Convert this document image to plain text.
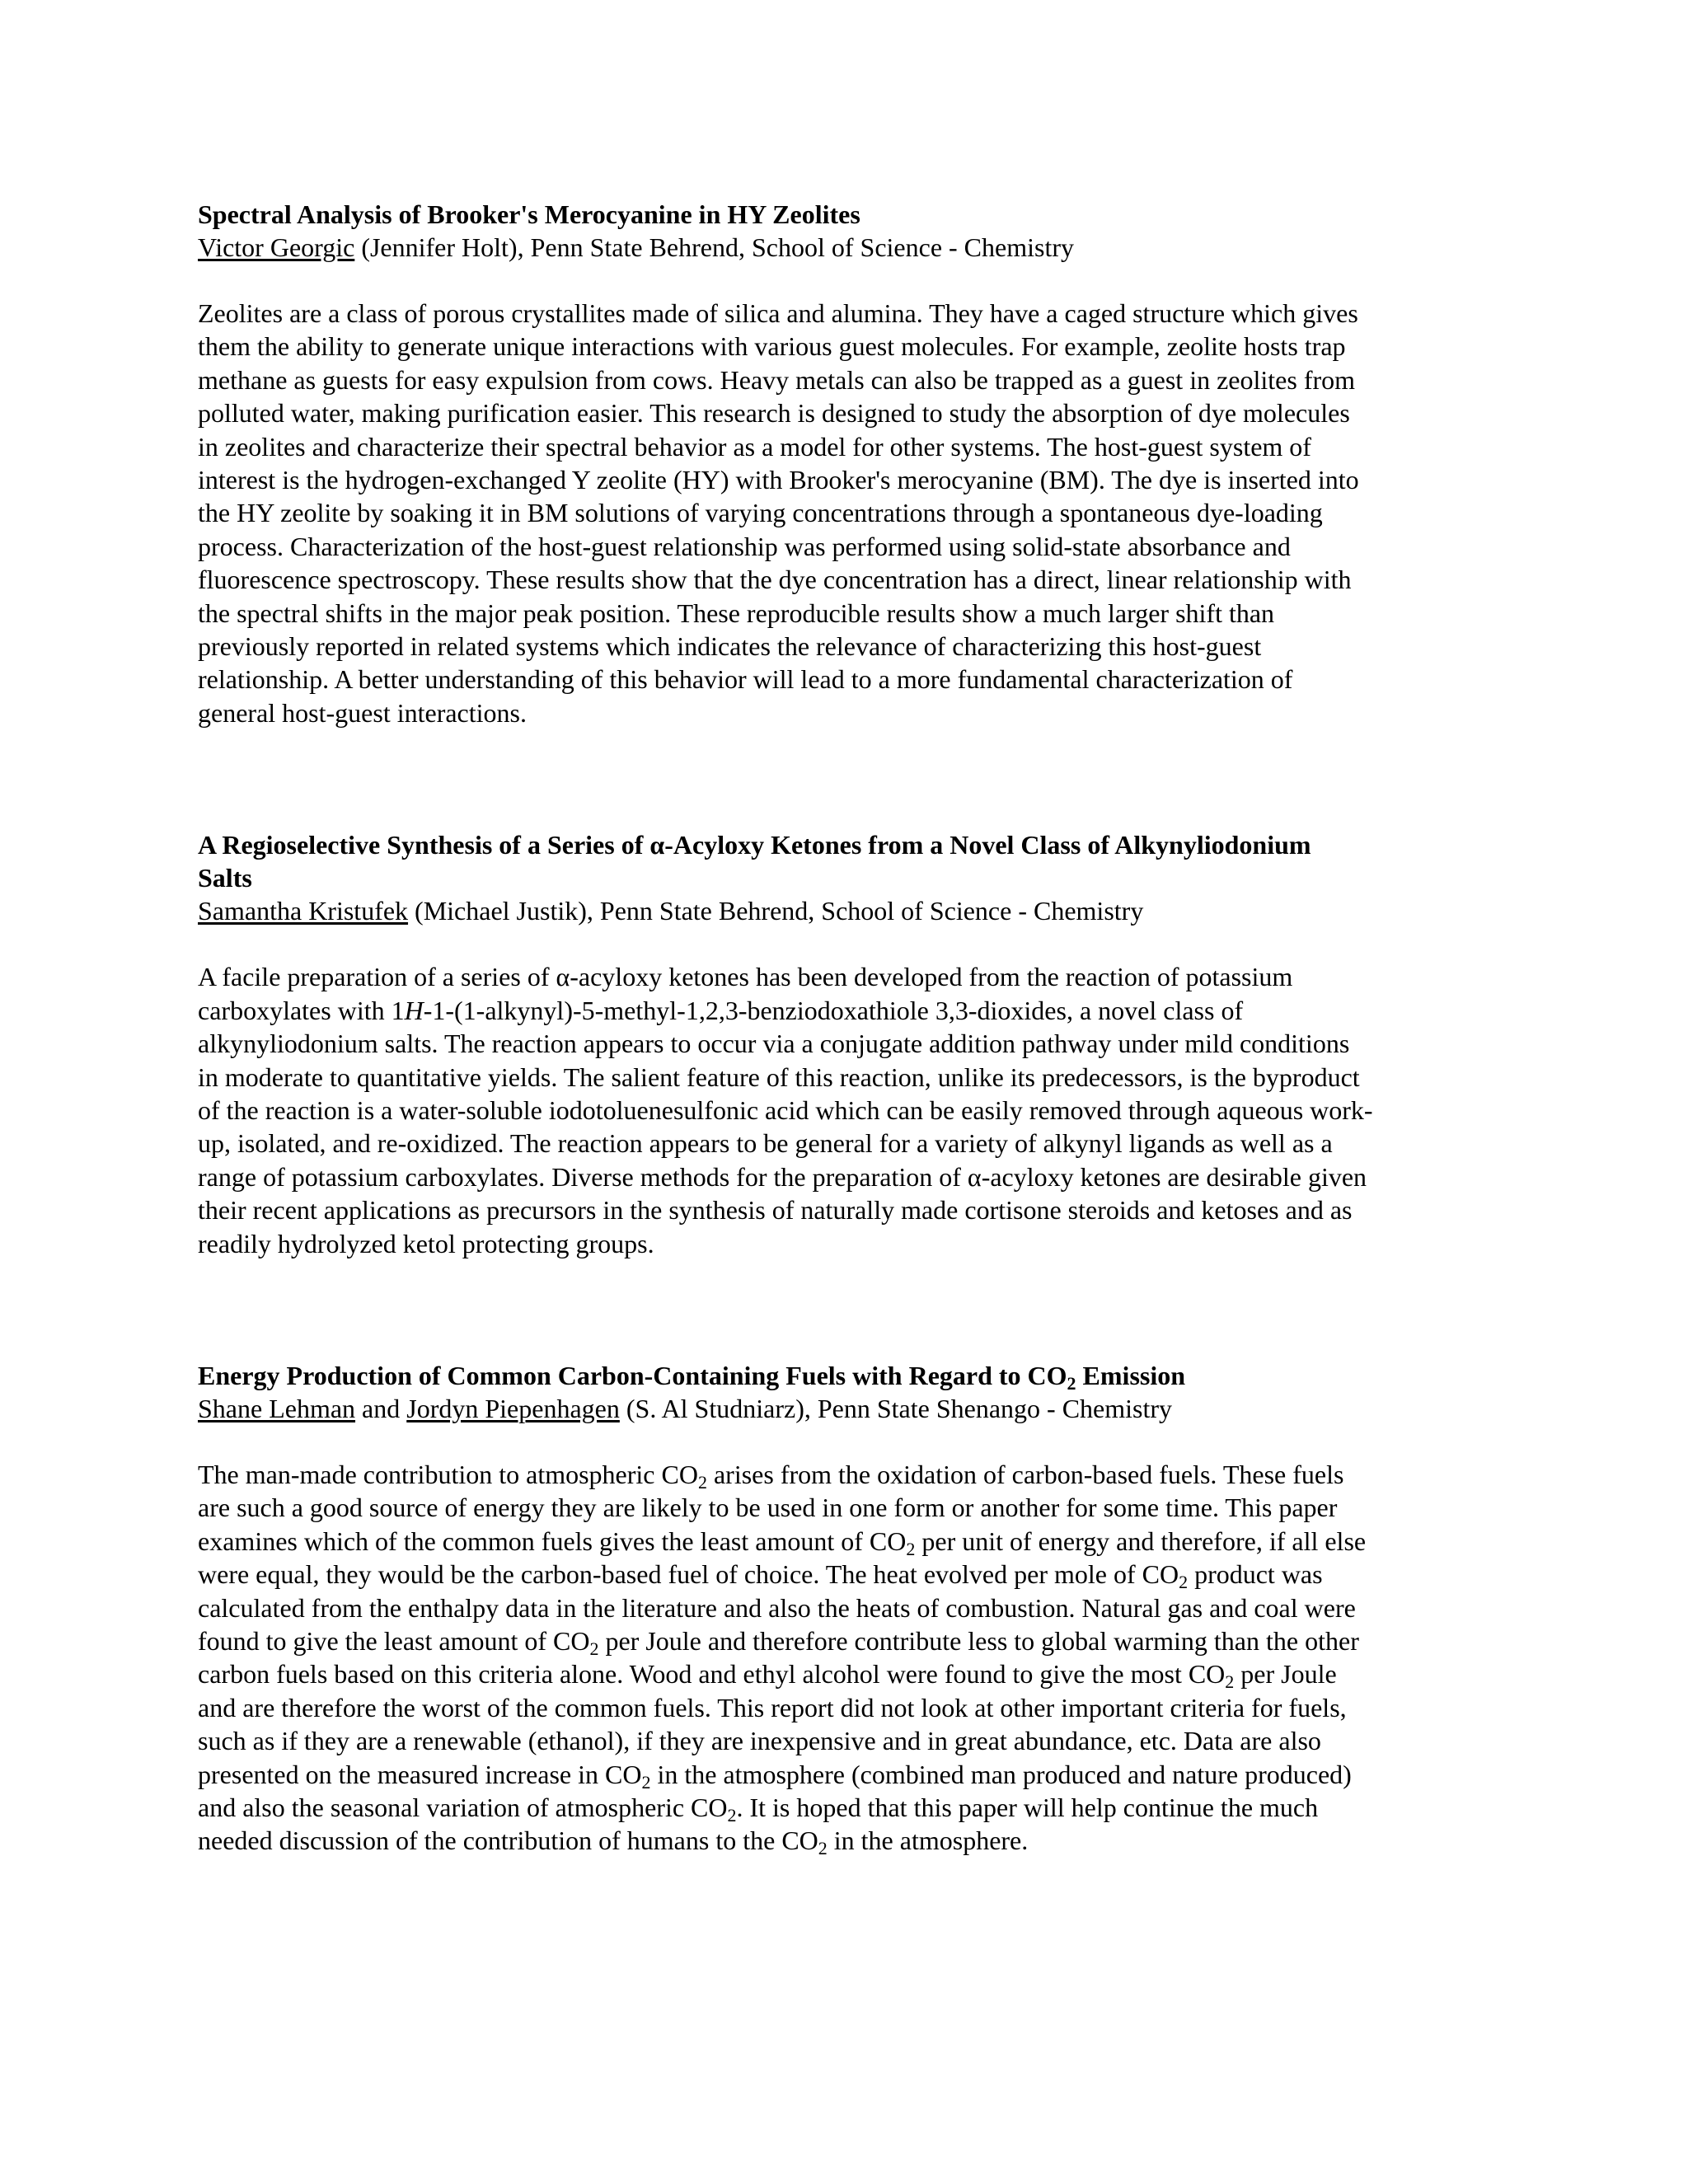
Spectral Analysis of Brooker's Merocyanine in HY Zeolites

Victor Georgic (Jennifer Holt), Penn State Behrend, School of Science - Chemistry

Zeolites are a class of porous crystallites made of silica and alumina. They have a caged structure which gives
them the ability to generate unique interactions with various guest molecules. For example, zeolite hosts trap
methane as guests for easy expulsion from cows. Heavy metals can also be trapped as a guest in zeolites from
polluted water, making purification easier. This research is designed to study the absorption of dye molecules
in zeolites and characterize their spectral behavior as a model for other systems. The host-guest system of
interest is the hydrogen-exchanged Y zeolite (HY) with Brooker's merocyanine (BM). The dye is inserted into
the HY zeolite by soaking it in BM solutions of varying concentrations through a spontaneous dye-loading
process. Characterization of the host-guest relationship was performed using solid-state absorbance and
fluorescence spectroscopy. These results show that the dye concentration has a direct, linear relationship with
the spectral shifts in the major peak position. These reproducible results show a much larger shift than
previously reported in related systems which indicates the relevance of characterizing this host-guest
relationship. A better understanding of this behavior will lead to a more fundamental characterization of
general host-guest interactions.

A Regioselective Synthesis of a Series of α-Acyloxy Ketones from a Novel Class of Alkynyliodonium
Salts

Samantha Kristufek (Michael Justik), Penn State Behrend, School of Science - Chemistry

A facile preparation of a series of α-acyloxy ketones has been developed from the reaction of potassium
carboxylates with 1H-1-(1-alkynyl)-5-methyl-1,2,3-benziodoxathiole 3,3-dioxides, a novel class of
alkynyliodonium salts. The reaction appears to occur via a conjugate addition pathway under mild conditions
in moderate to quantitative yields. The salient feature of this reaction, unlike its predecessors, is the byproduct
of the reaction is a water-soluble iodotoluenesulfonic acid which can be easily removed through aqueous work-
up, isolated, and re-oxidized. The reaction appears to be general for a variety of alkynyl ligands as well as a
range of potassium carboxylates. Diverse methods for the preparation of α-acyloxy ketones are desirable given
their recent applications as precursors in the synthesis of naturally made cortisone steroids and ketoses and as
readily hydrolyzed ketol protecting groups.

Energy Production of Common Carbon-Containing Fuels with Regard to $CO_2$ Emission

Shane Lehman and Jordyn Piepenhagen (S. Al Studniarz), Penn State Shenango - Chemistry

The man-made contribution to atmospheric $CO_2$ arises from the oxidation of carbon-based fuels. These fuels
are such a good source of energy they are likely to be used in one form or another for some time. This paper
examines which of the common fuels gives the least amount of $CO_2$ per unit of energy and therefore, if all else
were equal, they would be the carbon-based fuel of choice. The heat evolved per mole of $CO_2$ product was
calculated from the enthalpy data in the literature and also the heats of combustion. Natural gas and coal were
found to give the least amount of $CO_2$ per Joule and therefore contribute less to global warming than the other
carbon fuels based on this criteria alone. Wood and ethyl alcohol were found to give the most $CO_2$ per Joule
and are therefore the worst of the common fuels. This report did not look at other important criteria for fuels,
such as if they are a renewable (ethanol), if they are inexpensive and in great abundance, etc. Data are also
presented on the measured increase in $CO_2$ in the atmosphere (combined man produced and nature produced)
and also the seasonal variation of atmospheric $CO_2$. It is hoped that this paper will help continue the much
needed discussion of the contribution of humans to the $CO_2$ in the atmosphere.
